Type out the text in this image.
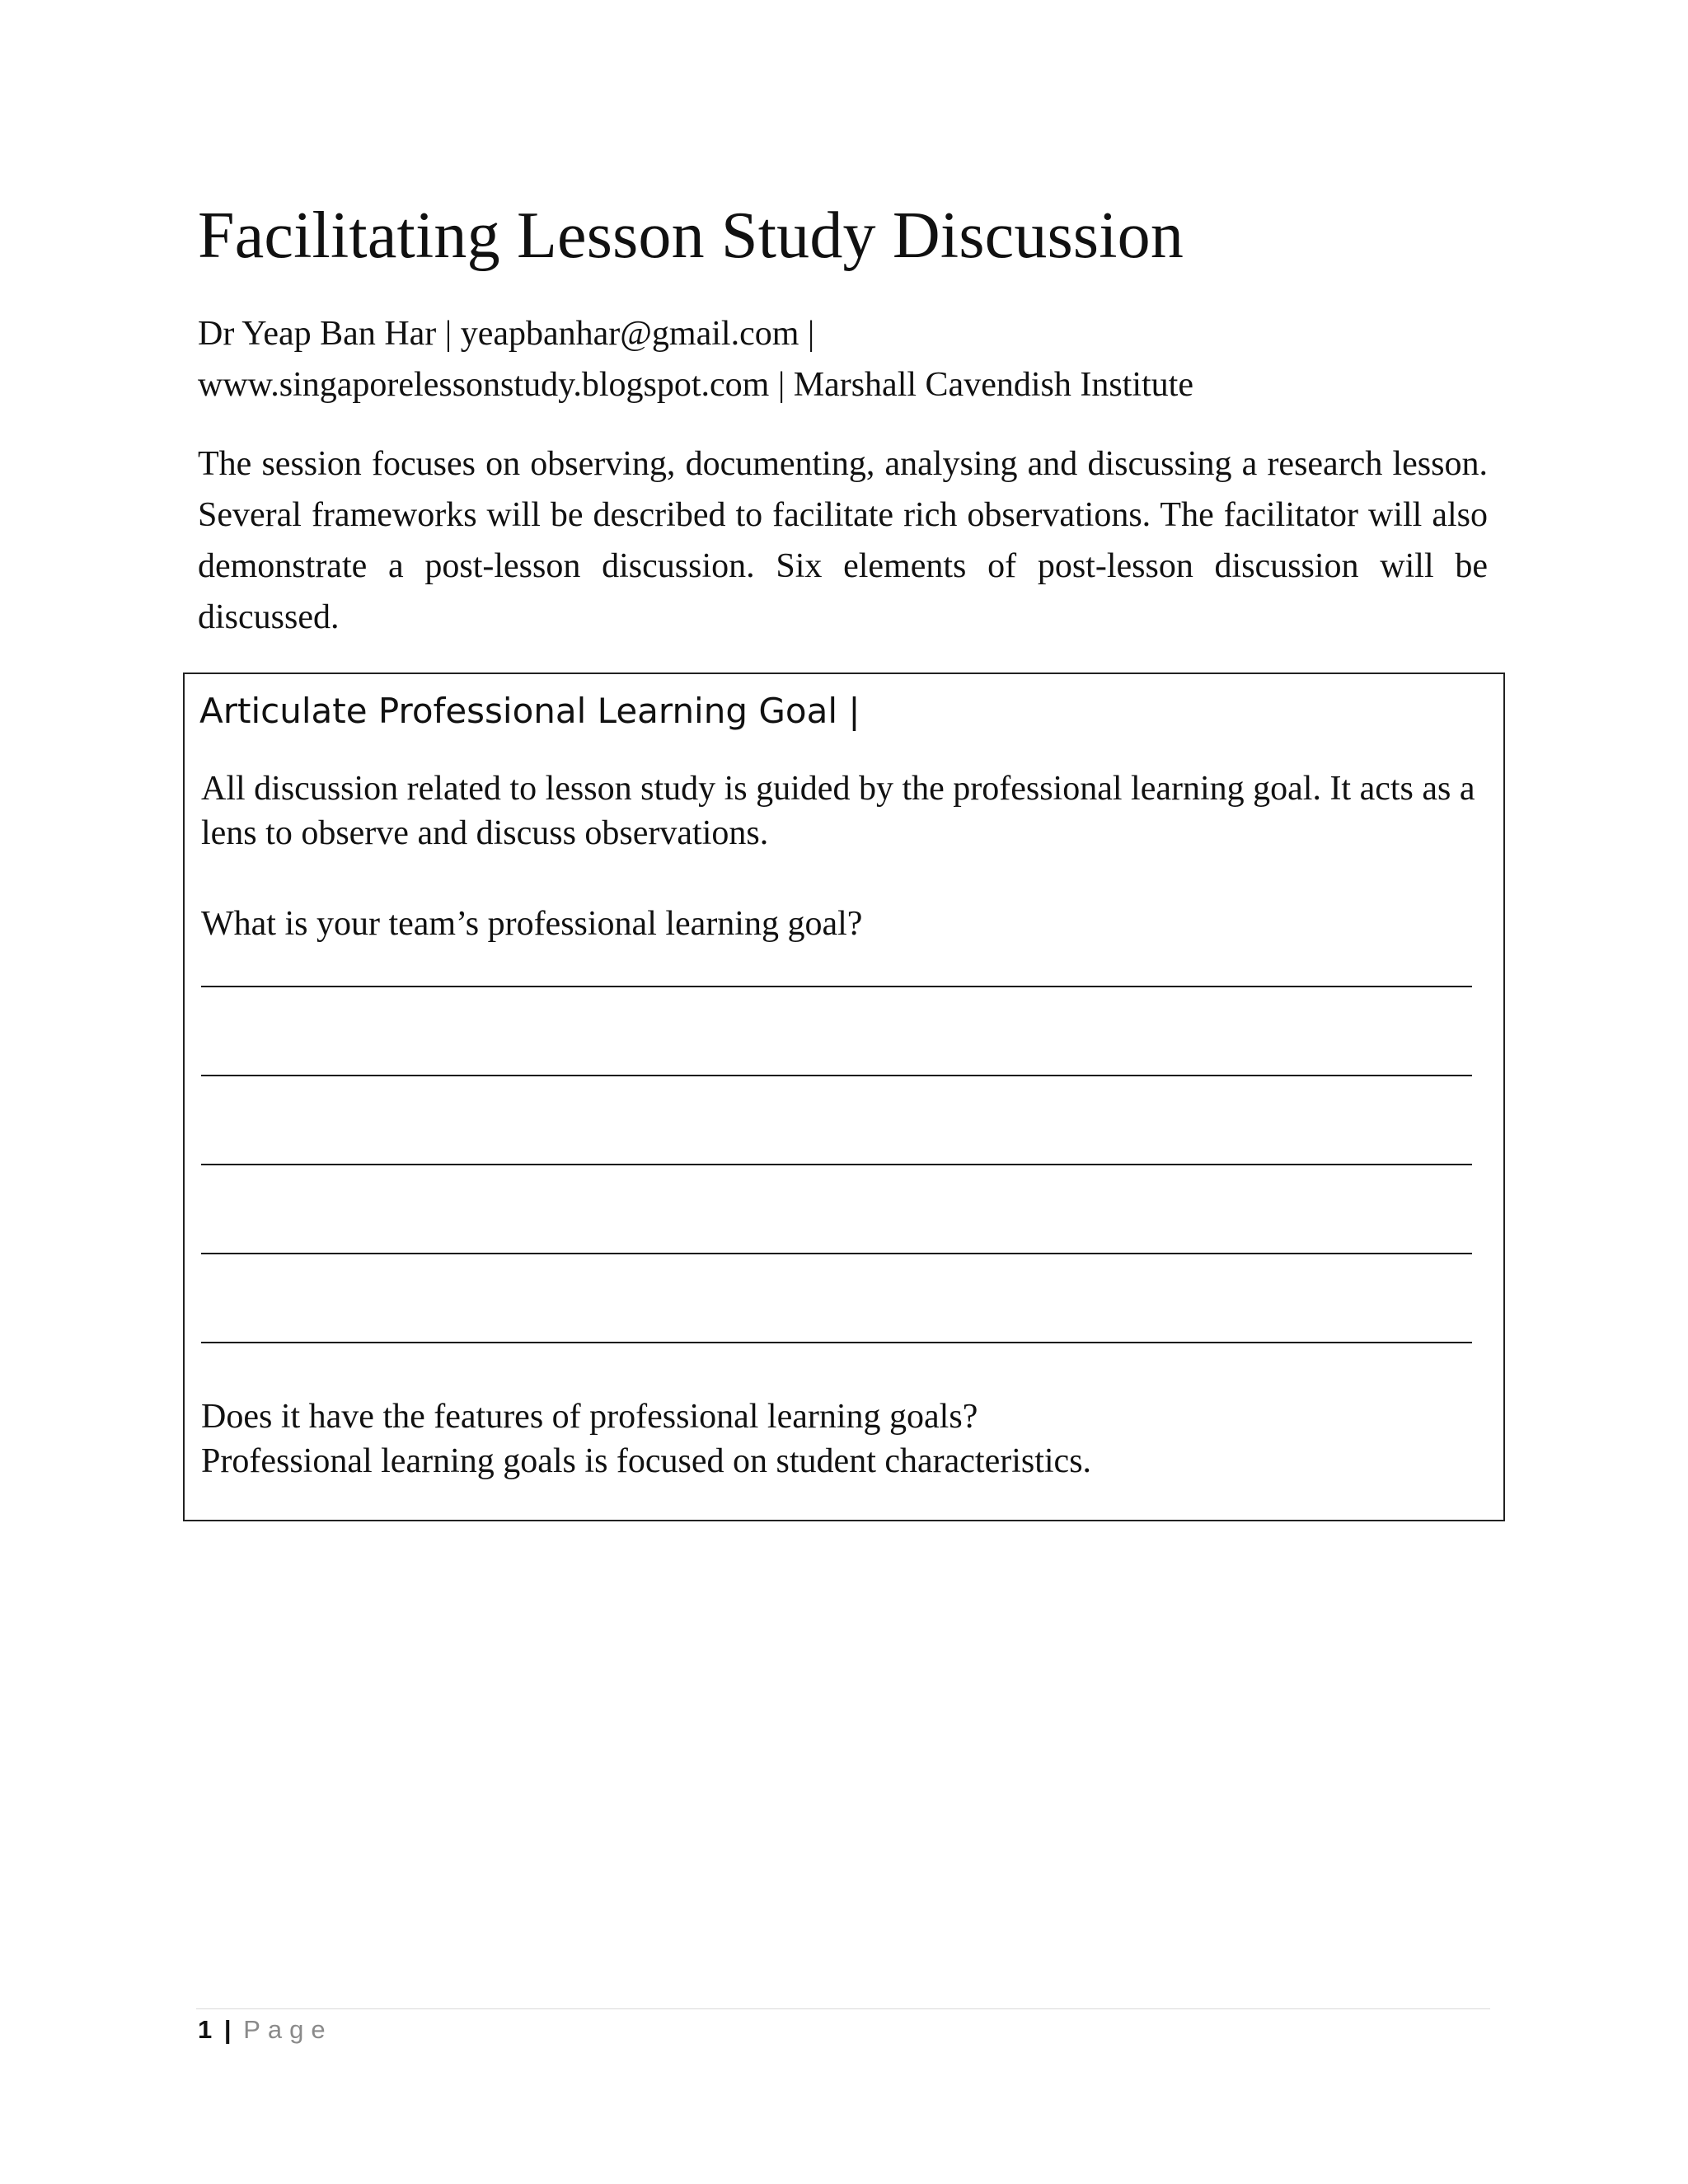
Facilitating Lesson Study Discussion
Dr Yeap Ban Har | yeapbanhar@gmail.com |
www.singaporelessonstudy.blogspot.com | Marshall Cavendish Institute

The session focuses on observing, documenting, analysing and discussing a research lesson. Several frameworks will be described to facilitate rich observations. The facilitator will also demonstrate a post-lesson discussion. Six elements of post-lesson discussion will be discussed.

Articulate Professional Learning Goal |
All discussion related to lesson study is guided by the professional learning goal. It acts as a lens to observe and discuss observations.
What is your team’s professional learning goal?
Does it have the features of professional learning goals?
Professional learning goals is focused on student characteristics.
1 | Page
